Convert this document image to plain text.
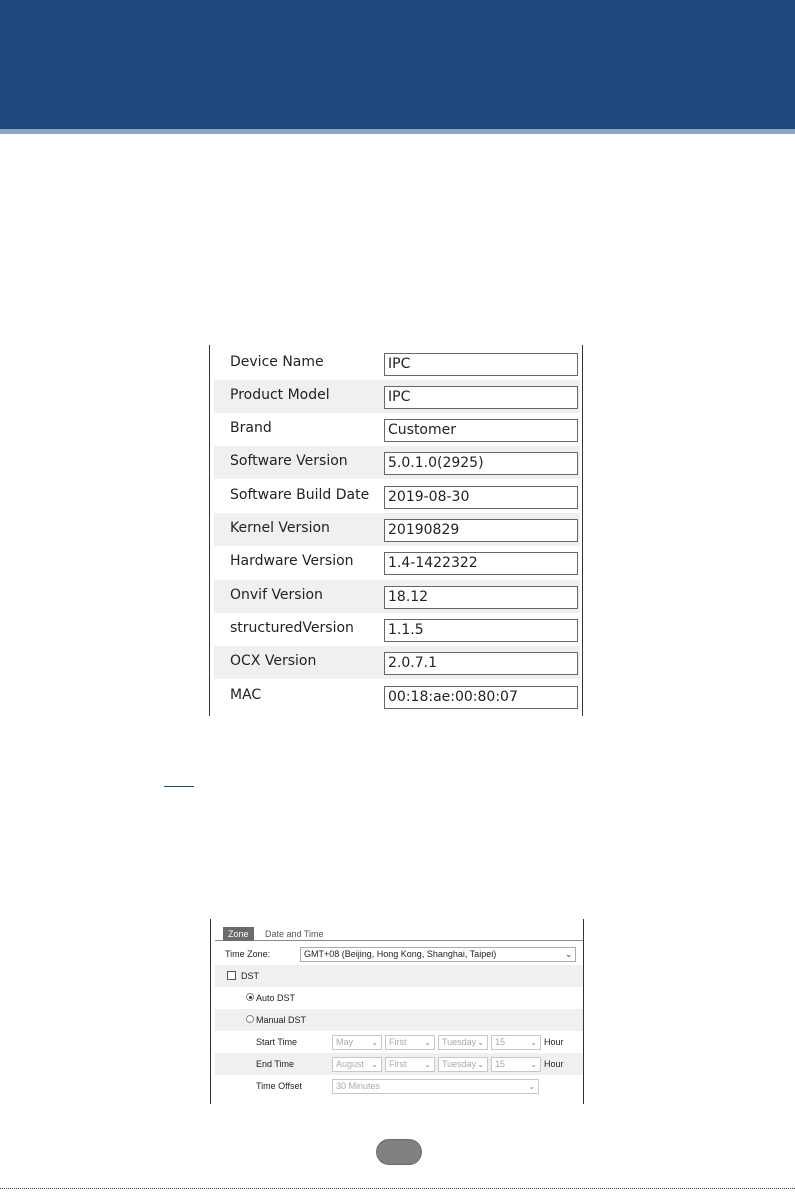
Device Name	IPC
Product Model	IPC
Brand	Customer
Software Version	5.0.1.0(2925)
Software Build Date 2019-08-30
Kernel Version	20190829
Hardware Version 1.4-1422322
Onvif Version	18.12
structuredVersion 1.1.5
OCX Version	2.0.7.1
MAC	00:18:ae:00:80:07
Zone	Date and Time
Time Zone:	GMT+08 (Beijing, Hong Kong, Shanghai, Taipei)	⌄
DST
Auto DST
Manual DST
Start Time	May ⌄	First ⌄	Tuesday ⌄	15	⌄ Hour
End Time	August ⌄	First ⌄	Tuesday ⌄	15	⌄ Hour
Time Offset	30 Minutes	⌄
